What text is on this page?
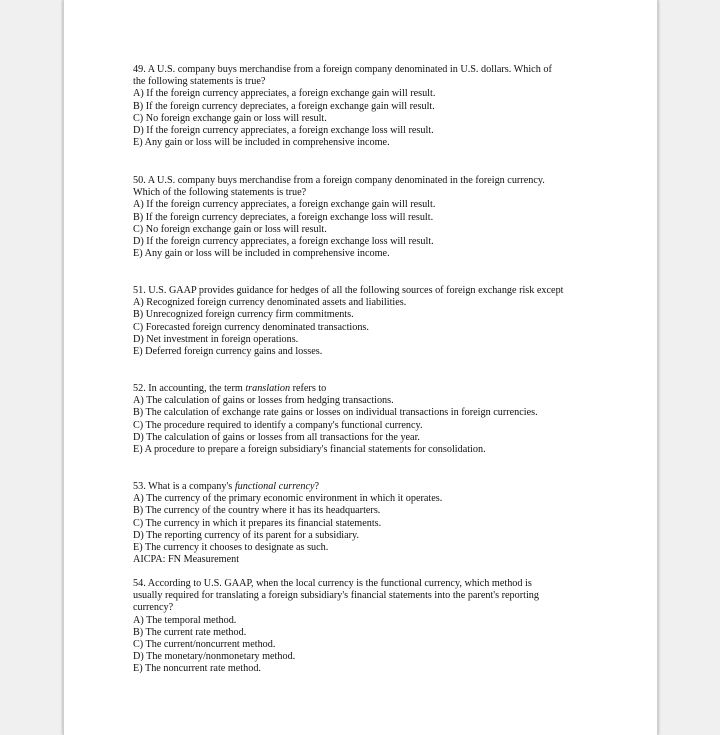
49. A U.S. company buys merchandise from a foreign company denominated in U.S. dollars. Which of

the following statements is true?

A) If the foreign currency appreciates, a foreign exchange gain will result.

B) If the foreign currency depreciates, a foreign exchange gain will result.

C) No foreign exchange gain or loss will result.

D) If the foreign currency appreciates, a foreign exchange loss will result.

E) Any gain or loss will be included in comprehensive income.

50. A U.S. company buys merchandise from a foreign company denominated in the foreign currency.

Which of the following statements is true?

A) If the foreign currency appreciates, a foreign exchange gain will result.

B) If the foreign currency depreciates, a foreign exchange loss will result.

C) No foreign exchange gain or loss will result.

D) If the foreign currency appreciates, a foreign exchange loss will result.

E) Any gain or loss will be included in comprehensive income.

51. U.S. GAAP provides guidance for hedges of all the following sources of foreign exchange risk except

A) Recognized foreign currency denominated assets and liabilities.

B) Unrecognized foreign currency firm commitments.

C) Forecasted foreign currency denominated transactions.

D) Net investment in foreign operations.

E) Deferred foreign currency gains and losses.

52. In accounting, the term translation refers to

A) The calculation of gains or losses from hedging transactions.

B) The calculation of exchange rate gains or losses on individual transactions in foreign currencies.

C) The procedure required to identify a company's functional currency.

D) The calculation of gains or losses from all transactions for the year.

E) A procedure to prepare a foreign subsidiary's financial statements for consolidation.

53. What is a company's functional currency?

A) The currency of the primary economic environment in which it operates.

B) The currency of the country where it has its headquarters.

C) The currency in which it prepares its financial statements.

D) The reporting currency of its parent for a subsidiary.

E) The currency it chooses to designate as such.

AICPA: FN Measurement

54. According to U.S. GAAP, when the local currency is the functional currency, which method is

usually required for translating a foreign subsidiary's financial statements into the parent's reporting

currency?

A) The temporal method.

B) The current rate method.

C) The current/noncurrent method.

D) The monetary/nonmonetary method.

E) The noncurrent rate method.
